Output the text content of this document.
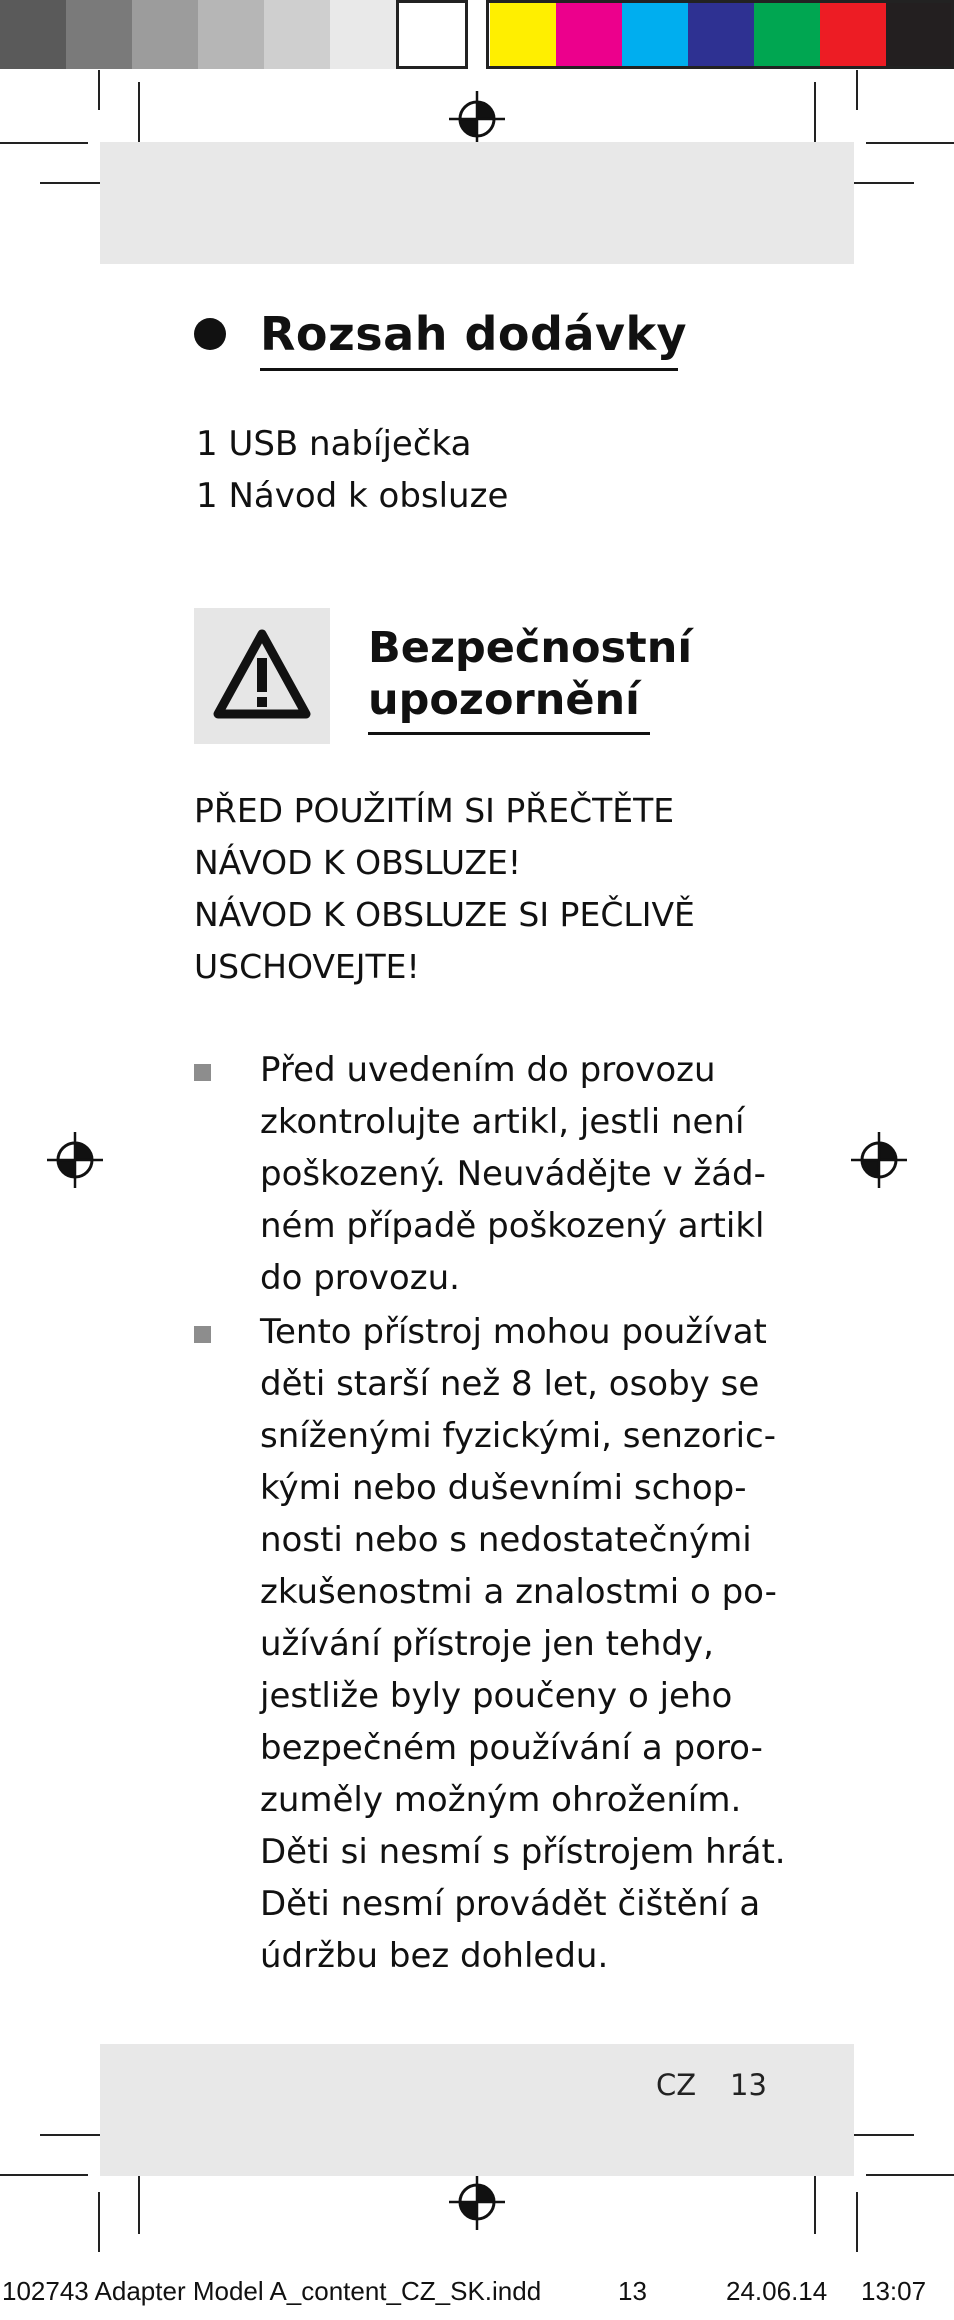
Rozsah dodávky
1 USB nabíječka
1 Návod k obsluze
Bezpečnostní
upozornění
PŘED POUŽITÍM SI PŘEČTĚTE
NÁVOD K OBSLUZE!
NÁVOD K OBSLUZE SI PEČLIVĚ
USCHOVEJTE!
Před uvedením do provozu
zkontrolujte artikl, jestli není
poškozený. Neuvádějte v žád-
ném případě poškozený artikl
do provozu.
Tento přístroj mohou používat
děti starší než 8 let, osoby se
sníženými fyzickými, senzoric-
kými nebo duševními schop-
nosti nebo s nedostatečnými
zkušenostmi a znalostmi o po-
užívání přístroje jen tehdy,
jestliže byly poučeny o jeho
bezpečném používání a poro-
zuměly možným ohrožením.
Děti si nesmí s přístrojem hrát.
Děti nesmí provádět čištění a
údržbu bez dohledu.
CZ 13
102743 Adapter Model A_content_CZ_SK.indd	13	24.06.14 13:07
